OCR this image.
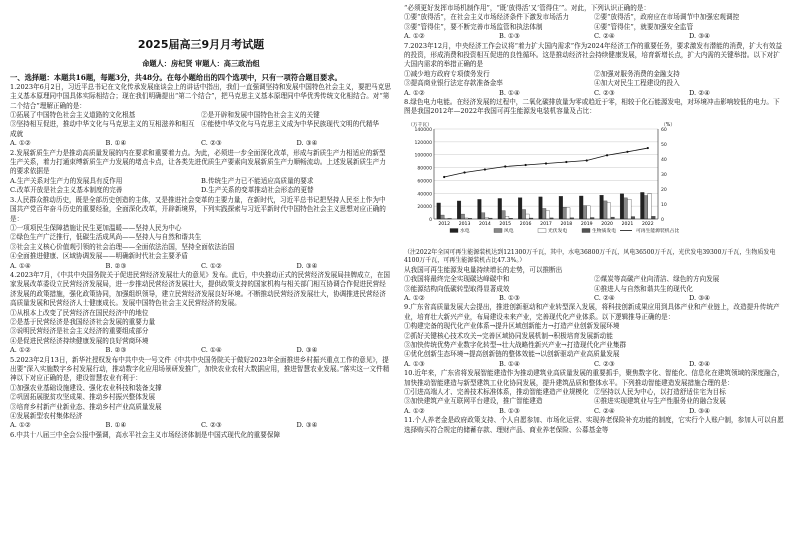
2025届高三9月月考试题
命题人：房杞贤 审题人：高三政治组

一、选择题：本题共16题，每题3分，共48分。在每小题给出的四个选项中，只有一项符合题目要求。

1.2023年6月2日，习近平总书记在文化传承发展座谈会上的讲话中指出，我们一直强调坚持和发展中国特色社会主义，要把马克思主义基本原理同中国具体实际相结合；现在我们明确提出“第二个结合”，把马克思主义基本原理同中华优秀传统文化相结合。对“第二个结合”理解正确的是：

①拓展了中国特色社会主义道路的文化根基	②是开辟和发展中国特色社会主义的关键
③坚持相互促进，推动中华文化与马克思主义的互相滋养和相互成就
④能使中华文化与马克思主义成为中华民族现代文明的代精华
A. ①②	B. ①④	C. ②③	D. ③④

2.发展新质生产力是推动高质量发展的内在要求和重要着力点。为此，必须进一步全面深化改革，形成与新质生产力相适应的新型生产关系，着力打通束缚新质生产力发展的堵点卡点，让各类先进优质生产要素向发展新质生产力顺畅流动。上述发展新质生产力的要求依据是

A.生产关系对生产力的发展具有反作用	B.传统生产力已不能适应高质量的要求
C.改革开放是社会主义基本制度的完善	D.生产关系的变革推动社会形态的更替

3.人民群众推动历史，既是全部历史创造的主体，又是推进社会变革的主要力量，在新时代，习近平总书记把坚持人民至上作为中国共产党百年奋斗历史的重要经验，全面深化改革，开辟新境界，下列实践探索与习近平新时代中国特色社会主义思想对应正确的是：

①一项项民生保障措施让民生更加温暖——坚持人民为中心

②绿色生产广泛推行，低碳生活成风尚——坚持人与自然和谐共生

③社会主义核心价值观引领的社会治理——全面依法治国，坚持全面依法治国

④全面推进健康、区域协调发展——明确新时代社会主要矛盾

A. ①④	B. ②③	C. ①②	D. ③④

4.2023年7月，《中共中央国务院关于促进民营经济发展壮大的意见》发布。此后，中央推动正式的民营经济发展局挂牌成立，在国家发展改革委设立民营经济发展局，进一步推动民营经济发展壮大，提供政策支持的国家机构与相关部门相互协调合作促进民营经济发展的政策措施，强化政策协同，加强组织领导，建立民营经济发展良好环境。不断推动民营经济发展壮大，协调推进民营经济高质量发展和民营经济人士健康成长。发展中国特色社会主义民营经济的发展。

①从根本上改变了民营经济在国民经济中的地位

②是基于民营经济是我国经济社会发展的重要力量

③说明民营经济是社会主义经济的重要组成部分

④是促进民营经济持续健康发展的良好营商环境

A. ①②	B. ②③	C. ①④	D. ③④

5.2023年2月13日，新华社授权发布中共中央一号文件《中共中央国务院关于做好2023年全面推进乡村振兴重点工作的意见》，提出要“深入实施数字乡村发展行动，推动数字化应用场景研发推广，加快农业农村大数据应用，推进智慧农业发展。”落实这一文件精神以下对应正确的是，建设智慧农业有利于：

①加强农业基础设施建设、强化农业科技和装备支撑

②巩固拓展脱贫攻坚成果、推动乡村振兴整体发展

③培育乡村新产业新业态、推动乡村产业高质量发展

④发展新型农村集体经济

A. ①②	B. ①④	C. ②③	D. ③④

6.中共十八届三中全会公报中强调，高水平社会主义市场经济体制是中国式现代化的重要保障

“必须更好发挥市场机制作用”，“既‘放得活’又‘管得住’”。对此，下列认识正确的是：

①要“放得活”，在社会主义市场经济条件下激发市场活力	②要“放得活”，政府应在市场调节中加强宏观调控
③要“管得住”，要不断完善市场监管和执法体制	④要“管得住”，就要加强安全监管
A. ①②	B. ①③	C. ②④	D. ③④

7.2023年12月，中央经济工作会议将“着力扩大国内需求”作为2024年经济工作的重要任务，要求激发有潜能的消费，扩大有效益的投资，形成消费和投资相互促进的良性循环。这是推动经济社会持续健康发展，培育新增长点，扩大内需的关键举措。以下对扩大国内需求的举措正确的是

①减少地方政府专项债务发行	②加强对服务消费的金融支持
③提高商业银行法定存款准备金率	④加大对民生工程建设的投入
A. ①②	B. ①④	C. ②③	D. ②④

8.绿色电力电能。在经济发展的过程中，二氧化碳排放量为零或趋近于零，相较于化石能源发电，对环境冲击影响较低的电力。下图是我国2012年—2022年我国可再生能源发电装机容量及占比：

0
20000
40000
60000
80000
100000
120000
140000
0
10
20
30
40
50
60
（万千瓦）	（%）
2012 2013 2014 2015 2016 2017 2018 2019 2020 2021 2022
水电	风电	光伏发电	生物质发电	可再生能源装机占比

（注2022年全国可再生能源装机达到121300万千瓦，其中，水电36800万千瓦，风电36500万千瓦，光伏发电39300万千瓦，生物质发电4100万千瓦，可再生能源装机占比47.3%。）

从我国可再生能源发电量持续增长的走势，可以推断出

①我国将最终完全实现碳达峰碳中和	②煤炭等高碳产业向清洁、绿色的方向发展
③能源结构向低碳转型取得显著成效	④推进人与自然和谐共生的现代化
A. ①②	B. ①③	C. ②④	D. ③④

9.广东省高质量发展大会提出，推进创新驱动和产业转型深入发展，将科技创新成果应用到具体产业和产业链上，改造提升传统产业，培育壮大新兴产业，布局建设未来产业，完善现代化产业体系。以下逻辑推导正确的是：

①构建完备的现代化产业体系→提升区域创新能力→打造产业创新发展环境

②抓好关键核心技术攻关→完善区域协同发展机制→积极培育发展新动能

③加快传统优势产业数字化转型→壮大战略性新兴产业→打造现代化产业集群

④优化创新生态环境→提高创新链的整体效能→以创新驱动产业高质量发展

A. ①③	B. ①④	C. ②③	D. ②④

10.近年来，广东省将发展智能建造作为推动建筑业高质量发展的重要抓手，聚焦数字化、智能化、信息化在建筑领域的深度融合，加快推动智能建造与新型建筑工业化协同发展，提升建筑品质和整体水平。下列推动智能建造发展措施合理的是：

①引进高端人才、完善技术标准体系，推动智能建造产业规模化 ②坚持以人民为中心，以打造舒适住宅为目标
③加快建筑产业互联网平台建设，推广智能建造	④推进实现建筑业与生产性服务业的融合发展
A. ①②	B. ①③	C. ②④	D. ③④

11.个人养老金是政府政策支持、个人自愿参加、市场化运营、实现养老保险补充功能的制度，它实行个人账户制，参加人可以自愿选择购买符合规定的储蓄存款、理财产品、商业养老保险、公募基金等
